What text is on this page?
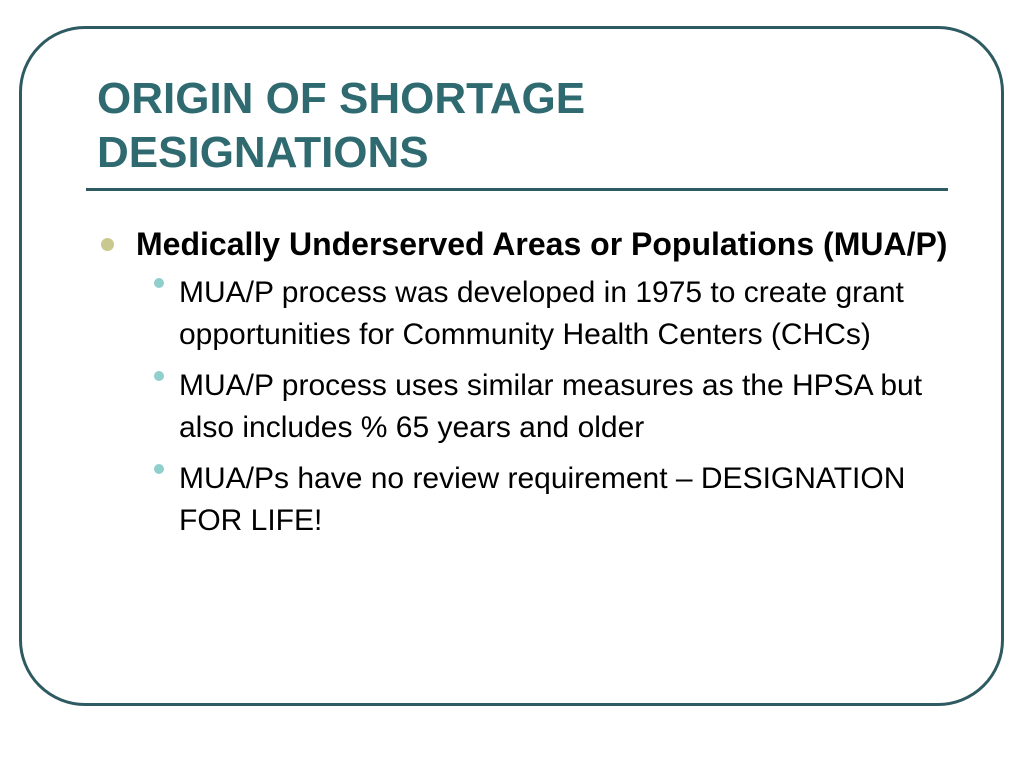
ORIGIN OF SHORTAGE DESIGNATIONS
Medically Underserved Areas or Populations (MUA/P)
MUA/P process was developed in 1975 to create grant opportunities for Community Health Centers (CHCs)
MUA/P process uses similar measures as the HPSA but also includes % 65 years and older
MUA/Ps have no review requirement – DESIGNATION FOR LIFE!
